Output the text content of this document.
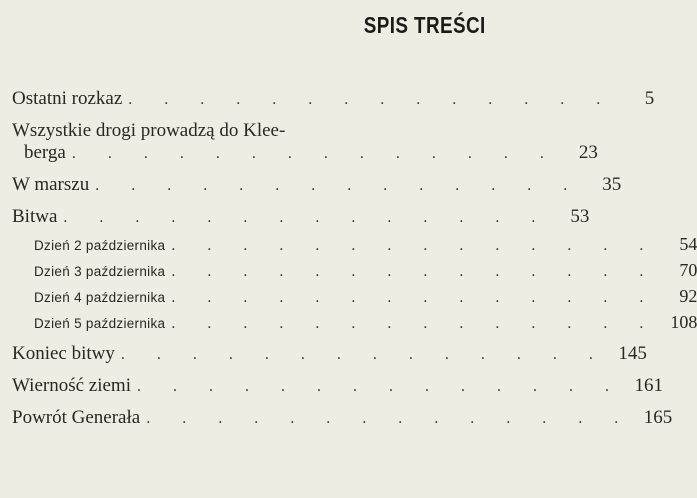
SPIS TREŚCI
Ostatni rozkaz . . . . . . . . . . . . . .	5
Wszystkie drogi prowadzą do Klee-
berga . . . . . . . . . . . . . .	23
W marszu . . . . . . . . . . . . . .	35
Bitwa . . . . . . . . . . . . . .	53
Dzień 2 października . . . . . . . . . . . . . .	54
Dzień 3 października . . . . . . . . . . . . . .	70
Dzień 4 października . . . . . . . . . . . . . .	92
Dzień 5 października . . . . . . . . . . . . . . 108
Koniec bitwy . . . . . . . . . . . . . . 145
Wierność ziemi . . . . . . . . . . . . . . 161
Powrót Generała . . . . . . . . . . . . . . 165
